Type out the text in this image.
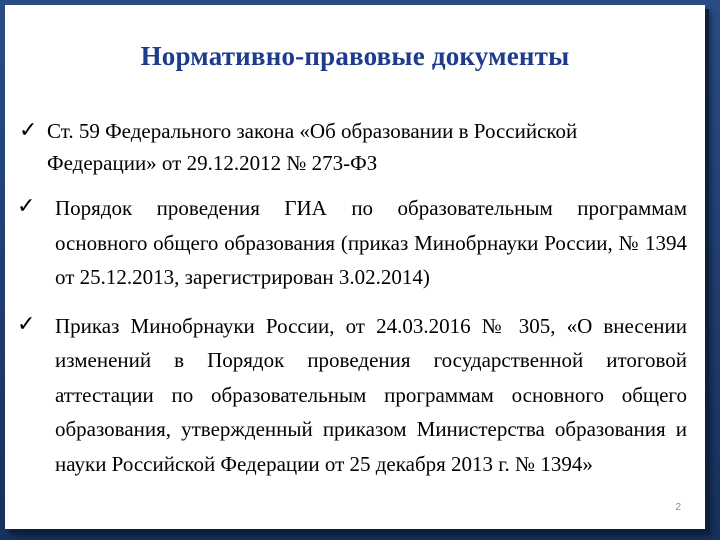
Нормативно-правовые документы
✓ Ст. 59 Федерального закона «Об образовании в Российской Федерации» от 29.12.2012 № 273-ФЗ
✓ Порядок проведения ГИА по образовательным программам основного общего образования (приказ Минобрнауки России, № 1394 от 25.12.2013, зарегистрирован 3.02.2014)
✓ Приказ Минобрнауки России, от 24.03.2016 № 305, «О внесении изменений в Порядок проведения государственной итоговой аттестации по образовательным программам основного общего образования, утвержденный приказом Министерства образования и науки Российской Федерации от 25 декабря 2013 г. № 1394»
2
